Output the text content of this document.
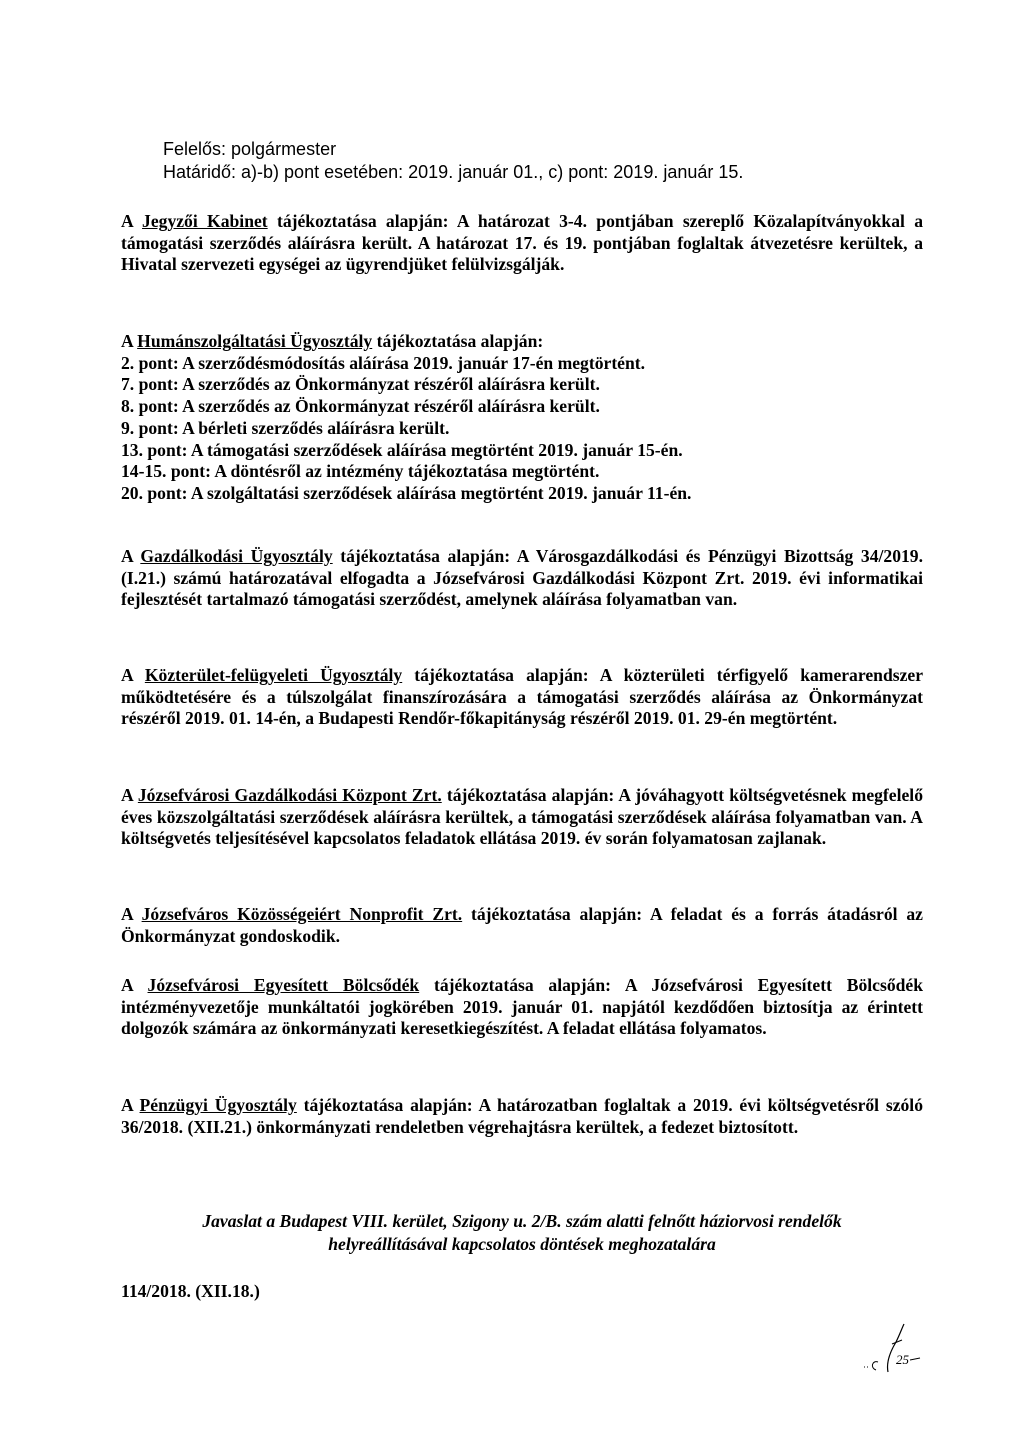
Felelős: polgármester

Határidő: a)-b) pont esetében: 2019. január 01., c) pont: 2019. január 15.

A Jegyzői Kabinet tájékoztatása alapján: A határozat 3-4. pontjában szereplő Közalapítványokkal a támogatási szerződés aláírásra került. A határozat 17. és 19. pontjában foglaltak átvezetésre kerültek, a Hivatal szervezeti egységei az ügyrendjüket felülvizsgálják.

A Humánszolgáltatási Ügyosztály tájékoztatása alapján:

2. pont: A szerződésmódosítás aláírása 2019. január 17-én megtörtént.
7. pont: A szerződés az Önkormányzat részéről aláírásra került.
8. pont: A szerződés az Önkormányzat részéről aláírásra került.
9. pont: A bérleti szerződés aláírásra került.
13. pont: A támogatási szerződések aláírása megtörtént 2019. január 15-én.
14-15. pont: A döntésről az intézmény tájékoztatása megtörtént.
20. pont: A szolgáltatási szerződések aláírása megtörtént 2019. január 11-én.

A Gazdálkodási Ügyosztály tájékoztatása alapján: A Városgazdálkodási és Pénzügyi Bizottság 34/2019. (I.21.) számú határozatával elfogadta a Józsefvárosi Gazdálkodási Központ Zrt. 2019. évi informatikai fejlesztését tartalmazó támogatási szerződést, amelynek aláírása folyamatban van.

A Közterület-felügyeleti Ügyosztály tájékoztatása alapján: A közterületi térfigyelő kamerarendszer működtetésére és a túlszolgálat finanszírozására a támogatási szerződés aláírása az Önkormányzat részéről 2019. 01. 14-én, a Budapesti Rendőr-főkapitányság részéről 2019. 01. 29-én megtörtént.

A Józsefvárosi Gazdálkodási Központ Zrt. tájékoztatása alapján: A jóváhagyott költségvetésnek megfelelő éves közszolgáltatási szerződések aláírásra kerültek, a támogatási szerződések aláírása folyamatban van. A költségvetés teljesítésével kapcsolatos feladatok ellátása 2019. év során folyamatosan zajlanak.

A Józsefváros Közösségeiért Nonprofit Zrt. tájékoztatása alapján: A feladat és a forrás átadásról az Önkormányzat gondoskodik.

A Józsefvárosi Egyesített Bölcsődék tájékoztatása alapján: A Józsefvárosi Egyesített Bölcsődék intézményvezetője munkáltatói jogkörében 2019. január 01. napjától kezdődően biztosítja az érintett dolgozók számára az önkormányzati keresetkiegészítést. A feladat ellátása folyamatos.

A Pénzügyi Ügyosztály tájékoztatása alapján: A határozatban foglaltak a 2019. évi költségvetésről szóló 36/2018. (XII.21.) önkormányzati rendeletben végrehajtásra kerültek, a fedezet biztosított.

Javaslat a Budapest VIII. kerület, Szigony u. 2/B. szám alatti felnőtt háziorvosi rendelők
helyreállításával kapcsolatos döntések meghozatalára
114/2018. (XII.18.)
25
